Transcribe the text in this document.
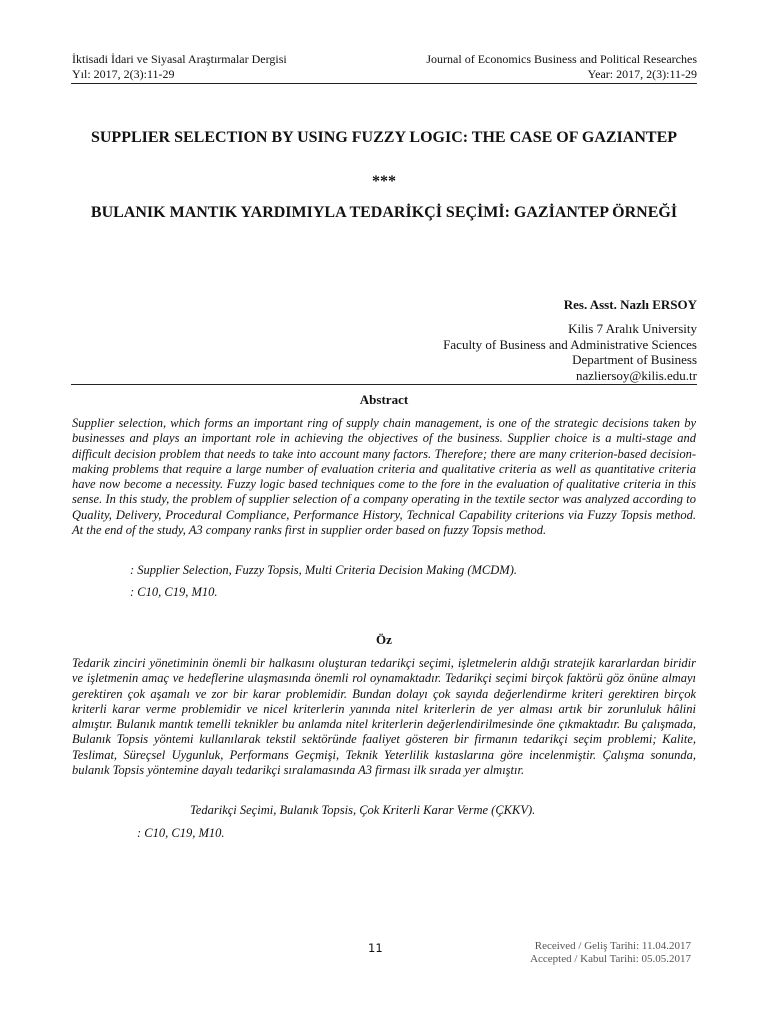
İktisadi İdari ve Siyasal Araştırmalar Dergisi
Yıl: 2017, 2(3):11-29
Journal of Economics Business and Political Researches
Year: 2017, 2(3):11-29
SUPPLIER SELECTION BY USING FUZZY LOGIC: THE CASE OF GAZIANTEP
***
BULANIK MANTIK YARDIMIYLA TEDARİKÇİ SEÇİMİ: GAZİANTEP ÖRNEĞİ
Res. Asst. Nazlı ERSOY
Kilis 7 Aralık University
Faculty of Business and Administrative Sciences
Department of Business
nazliersoy@kilis.edu.tr
Abstract
Supplier selection, which forms an important ring of supply chain management, is one of the strategic decisions taken by businesses and plays an important role in achieving the objectives of the business. Supplier choice is a multi-stage and difficult decision problem that needs to take into account many factors. Therefore; there are many criterion-based decision-making problems that require a large number of evaluation criteria and qualitative criteria as well as quantitative criteria have now become a necessity. Fuzzy logic based techniques come to the fore in the evaluation of qualitative criteria in this sense. In this study, the problem of supplier selection of a company operating in the textile sector was analyzed according to Quality, Delivery, Procedural Compliance, Performance History, Technical Capability criterions via Fuzzy Topsis method. At the end of the study, A3 company ranks first in supplier order based on fuzzy Topsis method.
: Supplier Selection, Fuzzy Topsis, Multi Criteria Decision Making (MCDM).
: C10, C19, M10.
Öz
Tedarik zinciri yönetiminin önemli bir halkasını oluşturan tedarikçi seçimi, işletmelerin aldığı stratejik kararlardan biridir ve işletmenin amaç ve hedeflerine ulaşmasında önemli rol oynamaktadır. Tedarikçi seçimi birçok faktörü göz önüne almayı gerektiren çok aşamalı ve zor bir karar problemidir. Bundan dolayı çok sayıda değerlendirme kriteri gerektiren birçok kriterli karar verme problemidir ve nicel kriterlerin yanında nitel kriterlerin de yer alması artık bir zorunluluk hâlini almıştır. Bulanık mantık temelli teknikler bu anlamda nitel kriterlerin değerlendirilmesinde öne çıkmaktadır. Bu çalışmada, Bulanık Topsis yöntemi kullanılarak tekstil sektöründe faaliyet gösteren bir firmanın tedarikçi seçim problemi; Kalite, Teslimat, Süreçsel Uygunluk, Performans Geçmişi, Teknik Yeterlilik kıstaslarına göre incelenmiştir. Çalışma sonunda, bulanık Topsis yöntemine dayalı tedarikçi sıralamasında A3 firması ilk sırada yer almıştır.
Tedarikçi Seçimi, Bulanık Topsis, Çok Kriterli Karar Verme (ÇKKV).
: C10, C19, M10.
11	Received / Geliş Tarihi: 11.04.2017
Accepted / Kabul Tarihi: 05.05.2017
